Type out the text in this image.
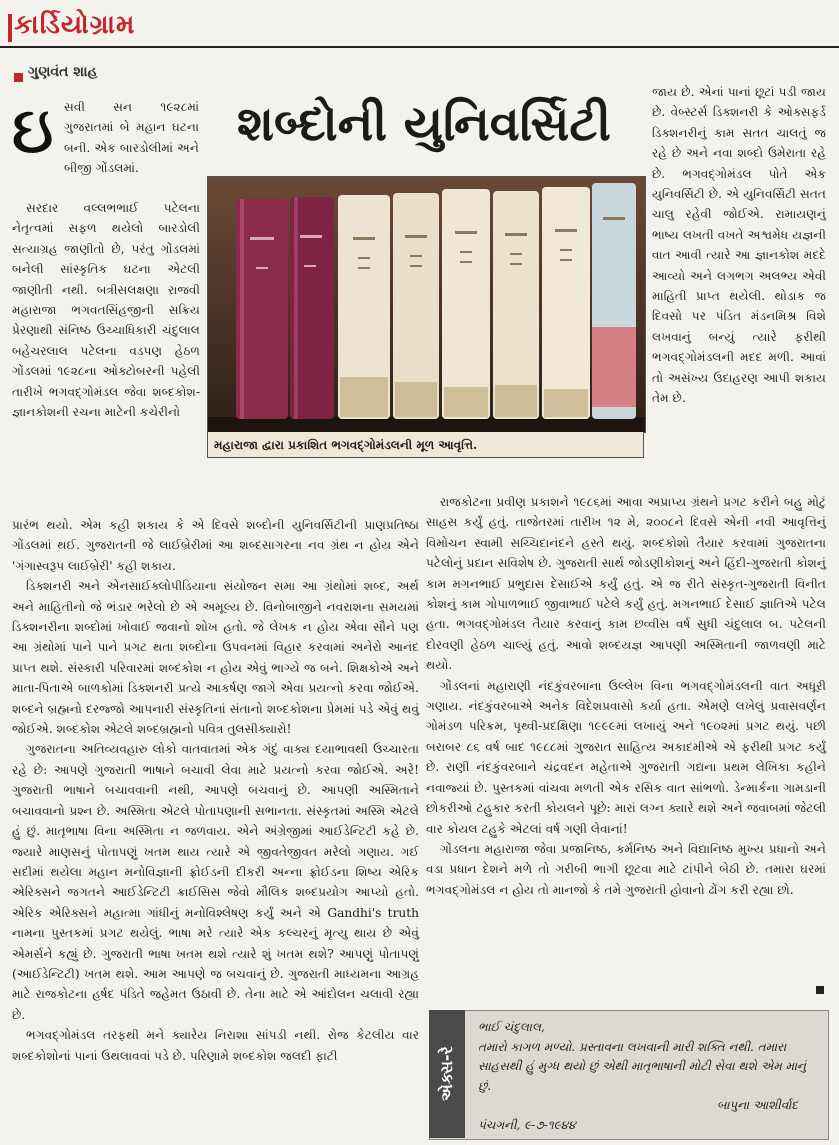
કાર્ડિયોગ્રામ
ગુણવંત શાહ
શબ્દોની યુનિવર્સિટી
ઇ સવી સન ૧૯૨૮માં ગુજરાતમાં બે મહાન ઘટના બની. એક બારડોલીમાં અને બીજી ગોંડલમાં.

સરદાર વલ્લભભાઈ પટેલના નેતૃત્વમાં સફળ થયેલો બારડોલી સત્યાગ્રહ જાણીતો છે, પરંતુ ગોંડલમાં બનેલી સાંસ્કૃતિક ઘટના એટલી જાણીતી નથી. બત્રીસલક્ષણા રાજવી મહારાજા ભગવતસિંહજીની સક્રિય પ્રેરણાથી સંનિષ્ઠ ઉચ્ચાધિકારી ચંદુલાલ બહેચરલાલ પટેલના વડપણ હેઠળ ગોંડલમાં ૧૯૨૮ના ઓક્ટોબરની પહેલી તારીખે ભગવદ્‌ગોમંડલ જેવા શબ્દકોશ-જ્ઞાનકોશની રચના માટેની કચેરીનો

મહારાજા દ્વારા પ્રકાશિત ભગવદ્‌ગોમંડલની મૂળ આવૃત્તિ.

જાય છે. એનાં પાનાં છૂટાં પડી જાય છે. વેબ્સ્ટર્સ ડિક્શનરી કે ઓક્સફર્ડ ડિક્શનરીનું કામ સતત ચાલતું જ રહે છે અને નવા શબ્દો ઉમેરાતા રહે છે. ભગવદ્‌ગોમંડલ પોતે એક યુનિવર્સિટી છે. એ યુનિવર્સિટી સતત ચાલુ રહેવી જોઈએ. રામાયણનું ભાષ્ય લખતી વખતે અશ્વમેધ યજ્ઞની વાત આવી ત્યારે આ જ્ઞાનકોશ મદદે આવ્યો અને લગભગ અલભ્ય એવી માહિતી પ્રાપ્ત થયેલી. થોડાક જ દિવસો પર પંડિત મંડનમિશ્ર વિશે લખવાનું બન્યું ત્યારે ફરીથી ભગવદ્‌ગોમંડલની મદદ મળી. આવાં તો અસંખ્ય ઉદાહરણ આપી શકાય તેમ છે.

પ્રારંભ થયો. એમ કહી શકાય કે એ દિવસે શબ્દોની યુનિવર્સિટીની પ્રાણપ્રતિષ્ઠા ગોંડલમાં થઈ. ગુજરાતની જે લાઈબ્રેરીમાં આ શબ્દસાગરના નવ ગ્રંથ ન હોય એને 'ગંગાસ્વરૂપ લાઈબ્રેરી' કહી શકાય.

ડિક્શનરી અને એનસાઈક્લોપીડિયાના સંયોજન સમા આ ગ્રંથોમાં શબ્દ, અર્થ અને માહિતીનો જે ભંડાર ભરેલો છે એ અમૂલ્ય છે. વિનોબાજીને નવરાશના સમયમાં ડિક્શનરીના શબ્દોમાં ખોવાઈ જવાનો શોખ હતો. જે લેખક ન હોય એવા સૌને પણ આ ગ્રંથોમાં પાને પાને પ્રગટ થતા શબ્દોના ઉપવનમાં વિહાર કરવામાં અનેરો આનંદ પ્રાપ્ત થશે. સંસ્કારી પરિવારમાં શબ્દકોશ ન હોય એવું ભાગ્યે જ બને. શિક્ષકોએ અને માતા-પિતાએ બાળકોમાં ડિક્શનરી પ્રત્યે આકર્ષણ જાગે એવા પ્રયત્નો કરવા જોઈએ. શબ્દને બ્રહ્મનો દરજ્જો આપનારી સંસ્કૃતિનાં સંતાનો શબ્દકોશના પ્રેમમાં પડે એવું થવું જોઈએ. શબ્દકોશ એટલે શબ્દબ્રહ્મનો પવિત્ર તુલસીક્યારો!

ગુજરાતના અતિવ્યવહારુ લોકો વાતવાતમાં એક ગંદું વાક્ય દયાભાવથી ઉચ્ચારતા રહે છે: આપણે ગુજરાતી ભાષાને બચાવી લેવા માટે પ્રયત્નો કરવા જોઈએ. અરે! ગુજરાતી ભાષાને બચાવવાની નથી, આપણે બચવાનું છે. આપણી અસ્મિતાને બચાવવાનો પ્રશ્ન છે. અસ્મિતા એટલે પોતાપણાની સભાનતા. સંસ્કૃતમાં અસ્મિ એટલે હું છું. માતૃભાષા વિના અસ્મિતા ન જળવાય. એને અંગ્રેજીમાં આઈડેન્ટિટી કહે છે. જ્યારે માણસનું પોતાપણું ખતમ થાય ત્યારે એ જીવતેજીવત મરેલો ગણાય. ગઈ સદીમાં થયેલા મહાન મનોવિજ્ઞાની ફ્રોઈડની દીકરી અન્ના ફ્રોઈડના શિષ્ય એરિક એરિક્સને જગતને આઈડેન્ટિટી ક્રાઈસિસ જેવો મૌલિક શબ્દપ્રયોગ આપ્યો હતો. એરિક એરિક્સને મહાત્મા ગાંધીનું મનોવિશ્લેષણ કર્યું અને એ Gandhi's truth નામના પુસ્તકમાં પ્રગટ થયેલું. ભાષા મરે ત્યારે એક કલ્ચરનું મૃત્યુ થાય છે એવું એમર્સને કહ્યું છે. ગુજરાતી ભાષા ખતમ થશે ત્યારે શું ખતમ થશે? આપણું પોતાપણું (આઈડેન્ટિટી) ખતમ થશે. આમ આપણે જ બચવાનું છે. ગુજરાતી માધ્યમના આગ્રહ માટે રાજકોટના હર્ષદ પંડિતે જહેમત ઉઠાવી છે. તેના માટે એ આંદોલન ચલાવી રહ્યા છે.

ભગવદ્‌ગોમંડલ તરફથી મને ક્યારેય નિરાશા સાંપડી નથી. રોજ કેટલીય વાર શબ્દકોશોનાં પાનાં ઉથલાવવાં પડે છે. પરિણામે શબ્દકોશ જલદી ફાટી

રાજકોટના પ્રવીણ પ્રકાશને ૧૯૮૬માં આવા અપ્રાપ્ય ગ્રંથને પ્રગટ કરીને બહુ મોટું સાહસ કર્યું હતું. તાજેતરમાં તારીખ ૧૨ મે, ૨૦૦૮ને દિવસે એની નવી આવૃત્તિનું વિમોચન સ્વામી સચ્ચિદાનંદને હસ્તે થયું. શબ્દકોશો તૈયાર કરવામાં ગુજરાતના પટેલોનું પ્રદાન સવિશેષ છે. ગુજરાતી સાર્થ જોડણીકોશનું અને હિંદી-ગુજરાતી કોશનું કામ મગનભાઈ પ્રભુદાસ દેસાઈએ કર્યું હતું. એ જ રીતે સંસ્કૃત-ગુજરાતી વિનીત કોશનું કામ ગોપાળભાઈ જીવાભાઈ પટેલે કર્યું હતું. મગનભાઈ દેસાઈ જ્ઞાતિએ પટેલ હતા. ભગવદ્‌ગોમંડલ તૈયાર કરવાનું કામ છવ્વીસ વર્ષ સુધી ચંદુલાલ બ. પટેલની દોરવણી હેઠળ ચાલ્યું હતું. આવો શબ્દયજ્ઞ આપણી અસ્મિતાની જાળવણી માટે થયો.

ગોંડલનાં મહારાણી નંદકુંવરબાના ઉલ્લેખ વિના ભગવદ્‌ગોમંડલની વાત અધૂરી ગણાય. નંદકુંવરબાએ અનેક વિદેશપ્રવાસો કર્યા હતા. એમણે લખેલું પ્રવાસવર્ણન ગોમંડળ પરિક્રમ, પૃથ્વી-પ્રદક્ષિણા ૧૯૯૯માં લખાયું અને ૧૯૦૨માં પ્રગટ થયું. પછી બરાબર ૮૬ વર્ષ બાદ ૧૯૮૮માં ગુજરાત સાહિત્ય અકાદમીએ એ ફરીથી પ્રગટ કર્યું છે. રાણી નંદકુંવરબાને ચંદ્રવદન મહેતાએ ગુજરાતી ગદ્યના પ્રથમ લેખિકા કહીને નવાજ્યાં છે. પુસ્તકમાં વાંચવા મળતી એક રસિક વાત સાંભળો. ડેન્માર્કના ગામડાની છોકરીઓ ટહુકાર કરતી કોયલને પૂછે: મારાં લગ્ન ક્યારે થશે અને જવાબમાં જેટલી વાર કોયલ ટહુકે એટલાં વર્ષ ગણી લેવાનાં!

ગોંડલના મહારાજા જેવા પ્રજાનિષ્ઠ, કર્મનિષ્ઠ અને વિદ્યાનિષ્ઠ મુખ્ય પ્રધાનો અને વડા પ્રધાન દેશને મળે તો ગરીબી ભાગી છૂટવા માટે ટાંપીને બેઠી છે. તમારા ઘરમાં ભગવદ્‌ગોમંડલ ન હોય તો માનજો કે તમે ગુજરાતી હોવાનો ઢોંગ કરી રહ્યા છો.

એક્સ-રે
ભાઈ ચંદુલાલ,
તમારો કાગળ મળ્યો. પ્રસ્તાવના લખવાની મારી શક્તિ નથી. તમારા સાહસથી હું મુગ્ધ થયો છું એથી માતૃભાષાની મોટી સેવા થશે એમ માનું છું.
બાપુના આશીર્વાદ
પંચગની, ૯-૭-૧૯૪૪
